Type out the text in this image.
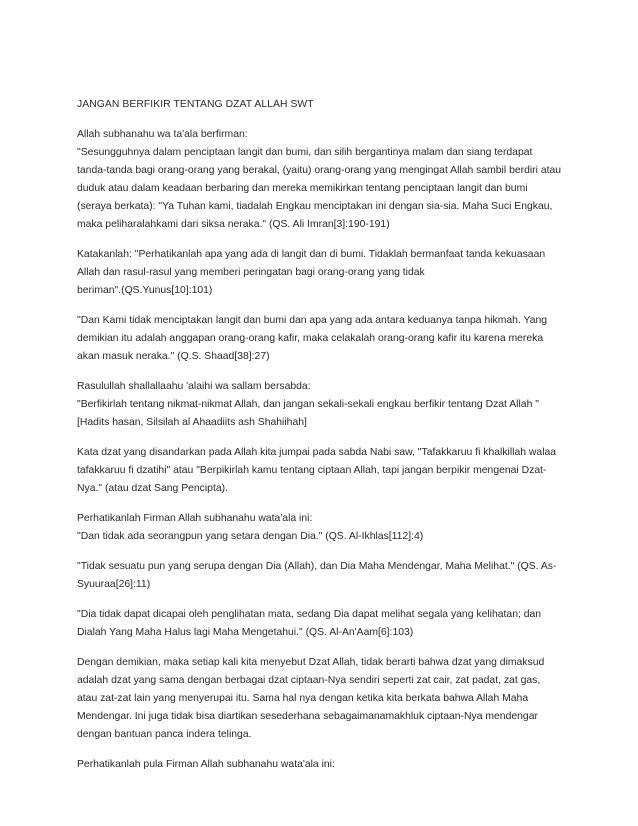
JANGAN BERFIKIR TENTANG DZAT ALLAH SWT
Allah subhanahu wa ta'ala berfirman:
"Sesungguhnya dalam penciptaan langit dan bumi, dan silih bergantinya malam dan siang terdapat
tanda-tanda bagi orang-orang yang berakal, (yaitu) orang-orang yang mengingat Allah sambil berdiri atau
duduk atau dalam keadaan berbaring dan mereka memikirkan tentang penciptaan langit dan bumi
(seraya berkata): "Ya Tuhan kami, tiadalah Engkau menciptakan ini dengan sia-sia. Maha Suci Engkau,
maka peliharalahkami dari siksa neraka." (QS. Ali Imran[3]:190-191)
Katakanlah: "Perhatikanlah apa yang ada di langit dan di bumi. Tidaklah bermanfaat tanda kekuasaan
Allah dan rasul-rasul yang memberi peringatan bagi orang-orang yang tidak
beriman".(QS.Yunus[10]:101)
"Dan Kami tidak menciptakan langit dan bumi dan apa yang ada antara keduanya tanpa hikmah. Yang
demikian itu adalah anggapan orang-orang kafir, maka celakalah orang-orang kafir itu karena mereka
akan masuk neraka." (Q.S. Shaad[38]:27)
Rasulullah shallallaahu 'alaihi wa sallam bersabda:
"Berfikirlah tentang nikmat-nikmat Allah, dan jangan sekali-sekali engkau berfikir tentang Dzat Allah "
[Hadits hasan, Silsilah al Ahaadiits ash Shahiihah]
Kata dzat yang disandarkan pada Allah kita jumpai pada sabda Nabi saw, "Tafakkaruu fi khalkillah walaa
tafakkaruu fi dzatihi" atau "Berpikirlah kamu tentang ciptaan Allah, tapi jangan berpikir mengenai Dzat-
Nya." (atau dzat Sang Pencipta).
Perhatikanlah Firman Allah subhanahu wata'ala ini:
"Dan tidak ada seorangpun yang setara dengan Dia." (QS. Al-Ikhlas[112]:4)
"Tidak sesuatu pun yang serupa dengan Dia (Allah), dan Dia Maha Mendengar, Maha Melihat." (QS. As-
Syuuraa[26]:11)
"Dia tidak dapat dicapai oleh penglihatan mata, sedang Dia dapat melihat segala yang kelihatan; dan
Dialah Yang Maha Halus lagi Maha Mengetahui." (QS. Al-An'Aam[6]:103)
Dengan demikian, maka setiap kali kita menyebut Dzat Allah, tidak berarti bahwa dzat yang dimaksud
adalah dzat yang sama dengan berbagai dzat ciptaan-Nya sendiri seperti zat cair, zat padat, zat gas,
atau zat-zat lain yang menyerupai itu. Sama hal nya dengan ketika kita berkata bahwa Allah Maha
Mendengar. Ini juga tidak bisa diartikan sesederhana sebagaimanamakhluk ciptaan-Nya mendengar
dengan bantuan panca indera telinga.
Perhatikanlah pula Firman Allah subhanahu wata'ala ini:
